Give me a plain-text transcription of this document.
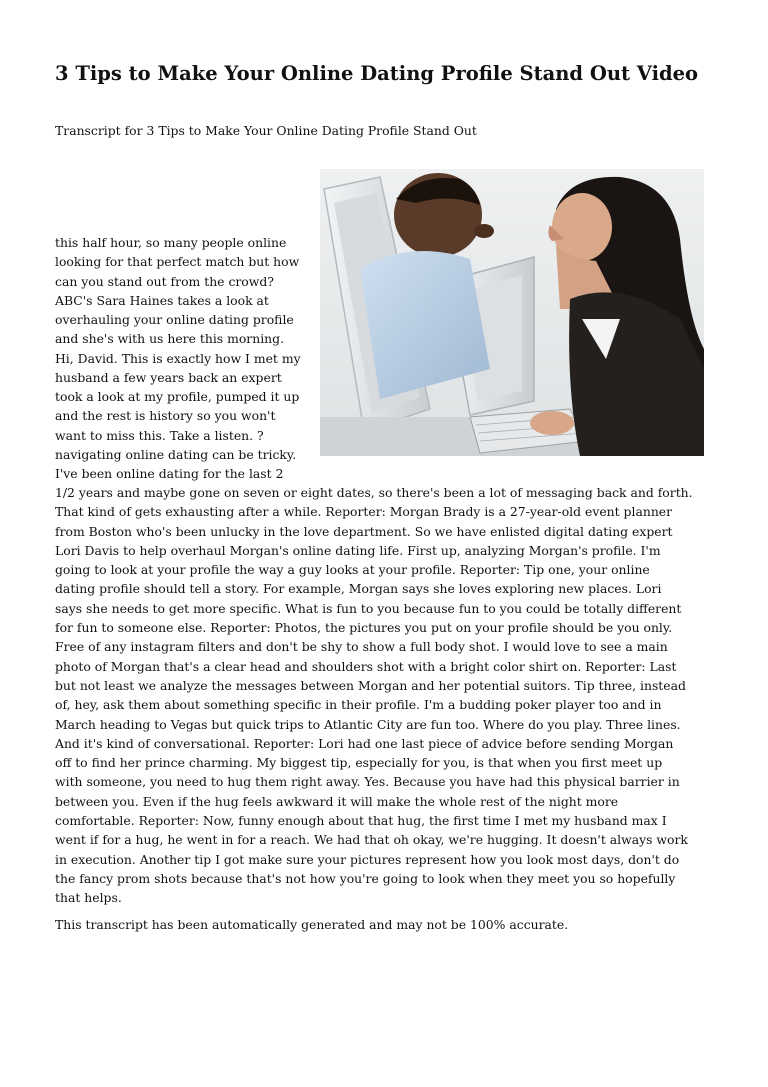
3 Tips to Make Your Online Dating Profile Stand Out Video

Transcript for 3 Tips to Make Your Online Dating Profile Stand Out

this half hour, so many people online
looking for that perfect match but how
can you stand out from the crowd?
ABC's Sara Haines takes a look at
overhauling your online dating profile
and she's with us here this morning.
Hi, David. This is exactly how I met my
husband a few years back an expert
took a look at my profile, pumped it up
and the rest is history so you won't
want to miss this. Take a listen. ?
navigating online dating can be tricky.
I've been online dating for the last 2
1/2 years and maybe gone on seven or eight dates, so there's been a lot of messaging back and forth.
That kind of gets exhausting after a while. Reporter: Morgan Brady is a 27-year-old event planner
from Boston who's been unlucky in the love department. So we have enlisted digital dating expert
Lori Davis to help overhaul Morgan's online dating life. First up, analyzing Morgan's profile. I'm
going to look at your profile the way a guy looks at your profile. Reporter: Tip one, your online
dating profile should tell a story. For example, Morgan says she loves exploring new places. Lori
says she needs to get more specific. What is fun to you because fun to you could be totally different
for fun to someone else. Reporter: Photos, the pictures you put on your profile should be you only.
Free of any instagram filters and don't be shy to show a full body shot. I would love to see a main
photo of Morgan that's a clear head and shoulders shot with a bright color shirt on. Reporter: Last
but not least we analyze the messages between Morgan and her potential suitors. Tip three, instead
of, hey, ask them about something specific in their profile. I'm a budding poker player too and in
March heading to Vegas but quick trips to Atlantic City are fun too. Where do you play. Three lines.
And it's kind of conversational. Reporter: Lori had one last piece of advice before sending Morgan
off to find her prince charming. My biggest tip, especially for you, is that when you first meet up
with someone, you need to hug them right away. Yes. Because you have had this physical barrier in
between you. Even if the hug feels awkward it will make the whole rest of the night more
comfortable. Reporter: Now, funny enough about that hug, the first time I met my husband max I
went if for a hug, he went in for a reach. We had that oh okay, we're hugging. It doesn't always work
in execution. Another tip I got make sure your pictures represent how you look most days, don't do
the fancy prom shots because that's not how you're going to look when they meet you so hopefully
that helps.

This transcript has been automatically generated and may not be 100% accurate.
